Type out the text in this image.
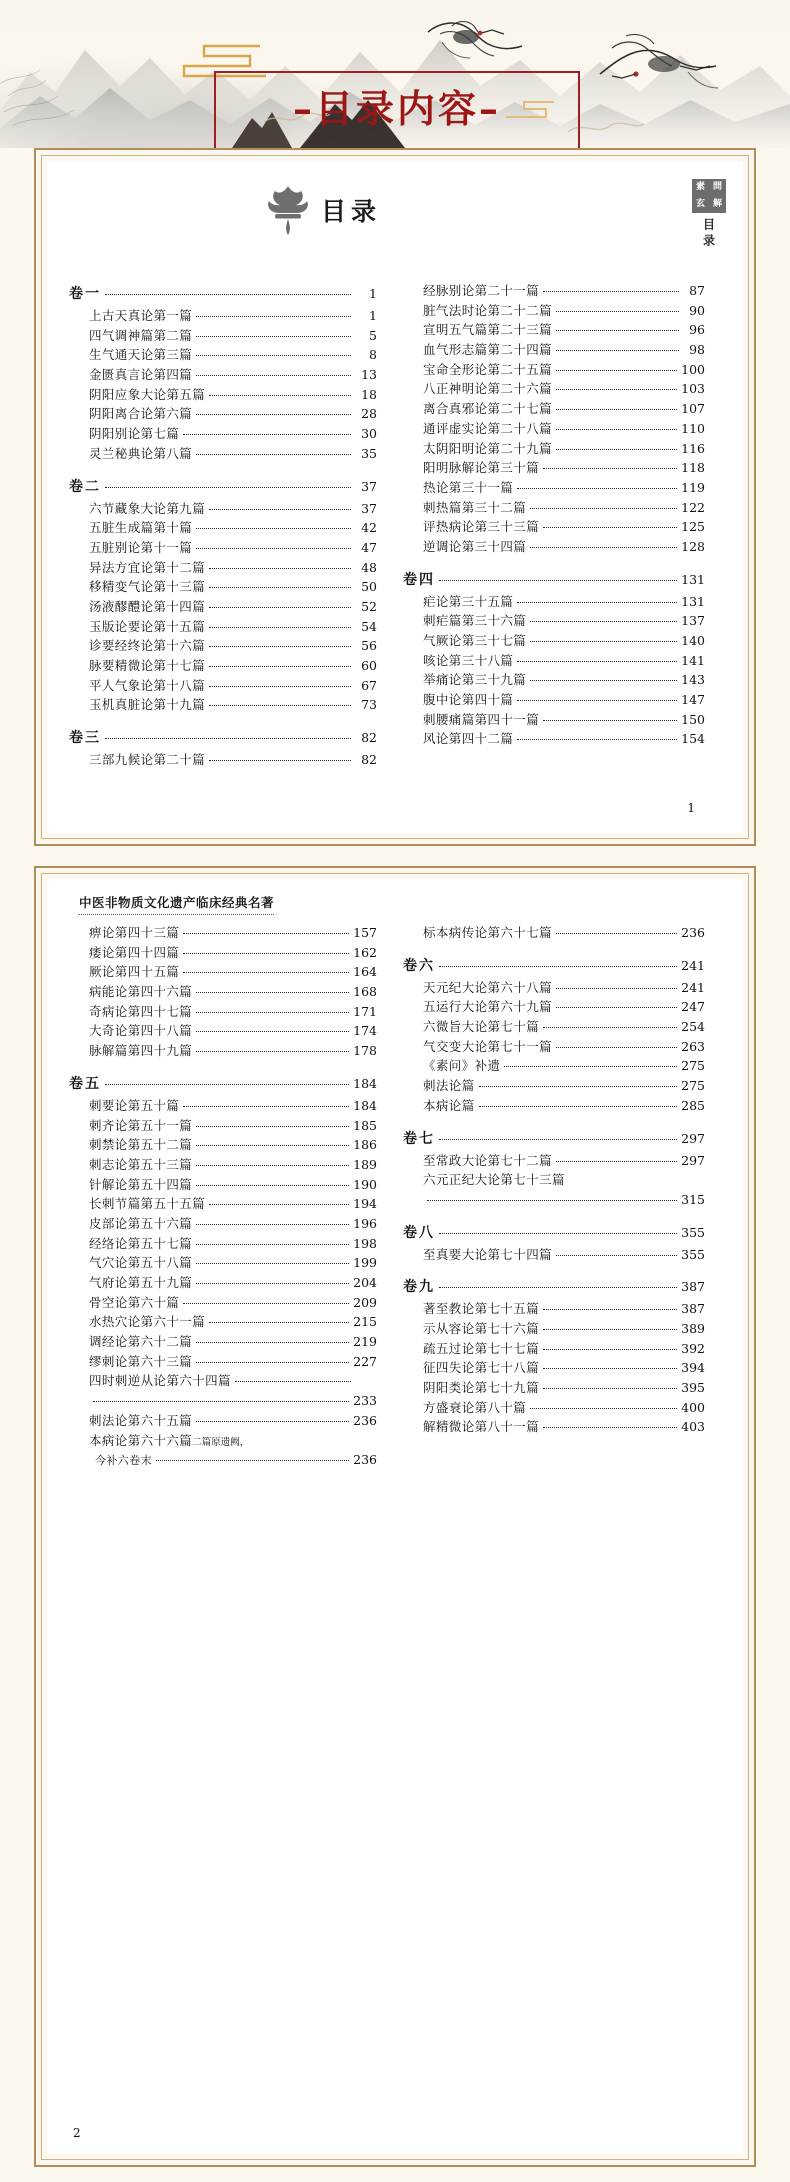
–目录内容–
目录
素 問
玄 解
目录
卷一	1
上古天真论第一篇	1
四气调神篇第二篇	5
生气通天论第三篇	8
金匮真言论第四篇	13
阴阳应象大论第五篇	18
阴阳离合论第六篇	28
阴阳别论第七篇	30
灵兰秘典论第八篇	35
卷二	37
六节藏象大论第九篇	37
五脏生成篇第十篇	42
五脏别论第十一篇	47
异法方宜论第十二篇	48
移精变气论第十三篇	50
汤液醪醴论第十四篇	52
玉版论要论第十五篇	54
诊要经终论第十六篇	56
脉要精微论第十七篇	60
平人气象论第十八篇	67
玉机真脏论第十九篇	73
卷三	82
三部九候论第二十篇	82
经脉别论第二十一篇	87
脏气法时论第二十二篇	90
宣明五气篇第二十三篇	96
血气形志篇第二十四篇	98
宝命全形论第二十五篇	100
八正神明论第二十六篇	103
离合真邪论第二十七篇	107
通评虚实论第二十八篇	110
太阴阳明论第二十九篇	116
阳明脉解论第三十篇	118
热论第三十一篇	119
刺热篇第三十二篇	122
评热病论第三十三篇	125
逆调论第三十四篇	128
卷四	131
疟论第三十五篇	131
刺疟篇第三十六篇	137
气厥论第三十七篇	140
咳论第三十八篇	141
举痛论第三十九篇	143
腹中论第四十篇	147
刺腰痛篇第四十一篇	150
风论第四十二篇	154
1
中医非物质文化遗产临床经典名著
痹论第四十三篇	157
痿论第四十四篇	162
厥论第四十五篇	164
病能论第四十六篇	168
奇病论第四十七篇	171
大奇论第四十八篇	174
脉解篇第四十九篇	178
卷五	184
刺要论第五十篇	184
刺齐论第五十一篇	185
刺禁论第五十二篇	186
刺志论第五十三篇	189
针解论第五十四篇	190
长刺节篇第五十五篇	194
皮部论第五十六篇	196
经络论第五十七篇	198
气穴论第五十八篇	199
气府论第五十九篇	204
骨空论第六十篇	209
水热穴论第六十一篇	215
调经论第六十二篇	219
缪刺论第六十三篇	227
四时刺逆从论第六十四篇
233
刺法论第六十五篇	236
本病论第六十六篇二篇原遗阙，
今补六卷末	236
标本病传论第六十七篇	236
卷六	241
天元纪大论第六十八篇	241
五运行大论第六十九篇	247
六微旨大论第七十篇	254
气交变大论第七十一篇	263
《素问》补遗	275
刺法论篇	275
本病论篇	285
卷七	297
至常政大论第七十二篇	297
六元正纪大论第七十三篇
315
卷八	355
至真要大论第七十四篇	355
卷九	387
著至教论第七十五篇	387
示从容论第七十六篇	389
疏五过论第七十七篇	392
征四失论第七十八篇	394
阴阳类论第七十九篇	395
方盛衰论第八十篇	400
解精微论第八十一篇	403
2
